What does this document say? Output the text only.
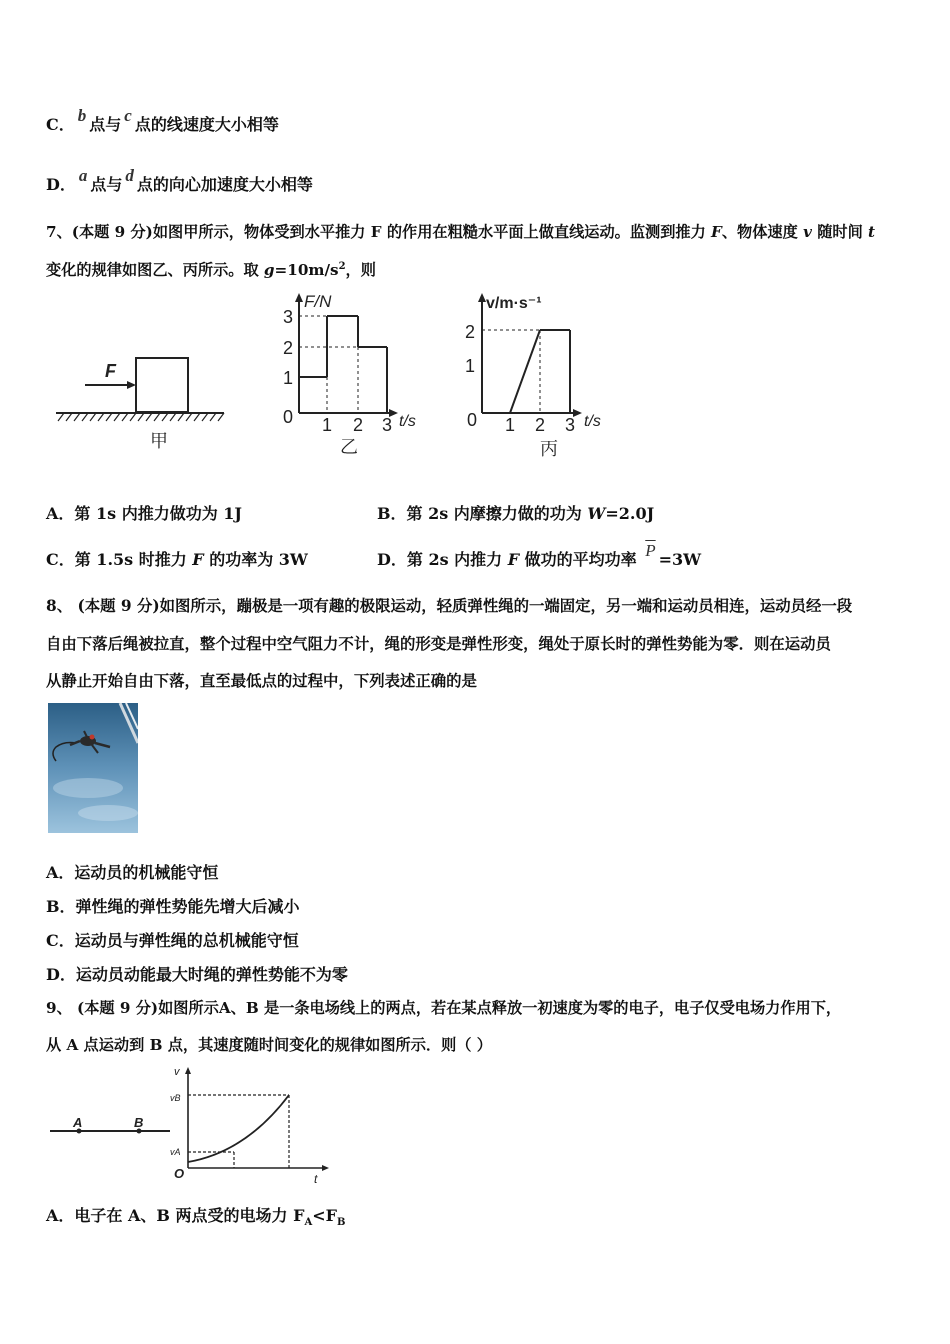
C． b 点与 c 点的线速度大小相等
D． a 点与 d 点的向心加速度大小相等
7、(本题 9 分)如图甲所示，物体受到水平推力 F 的作用在粗糙水平面上做直线运动。监测到推力 F、物体速度 v 随时间 t
变化的规律如图乙、丙所示。取 $g=10m/s^2$，则
F
甲
F/N
t/s
3
2
1
0 1 2 3
乙
v/m·s⁻¹
t/s
2
1
0 1 2 3
丙
A．第 1s 内推力做功为 1J	B．第 2s 内摩擦力做的功为 W=2.0J
C．第 1.5s 时推力 F 的功率为 3W	D．第 2s 内推力 F 做功的平均功率 $\overline{P} =3W$
8、 (本题 9 分)如图所示，蹦极是一项有趣的极限运动，轻质弹性绳的一端固定，另一端和运动员相连，运动员经一段
自由下落后绳被拉直，整个过程中空气阻力不计，绳的形变是弹性形变，绳处于原长时的弹性势能为零．则在运动员
从静止开始自由下落，直至最低点的过程中，下列表述正确的是
A．运动员的机械能守恒
B．弹性绳的弹性势能先增大后减小
C．运动员与弹性绳的总机械能守恒
D．运动员动能最大时绳的弹性势能不为零
9、 (本题 9 分)如图所示A、B 是一条电场线上的两点，若在某点释放一初速度为零的电子，电子仅受电场力作用下，
从 A 点运动到 B 点，其速度随时间变化的规律如图所示．则（ ）
A	B
v
vB
vA
O	t
A．电子在 A、B 两点受的电场力 $F_A<F_B$
